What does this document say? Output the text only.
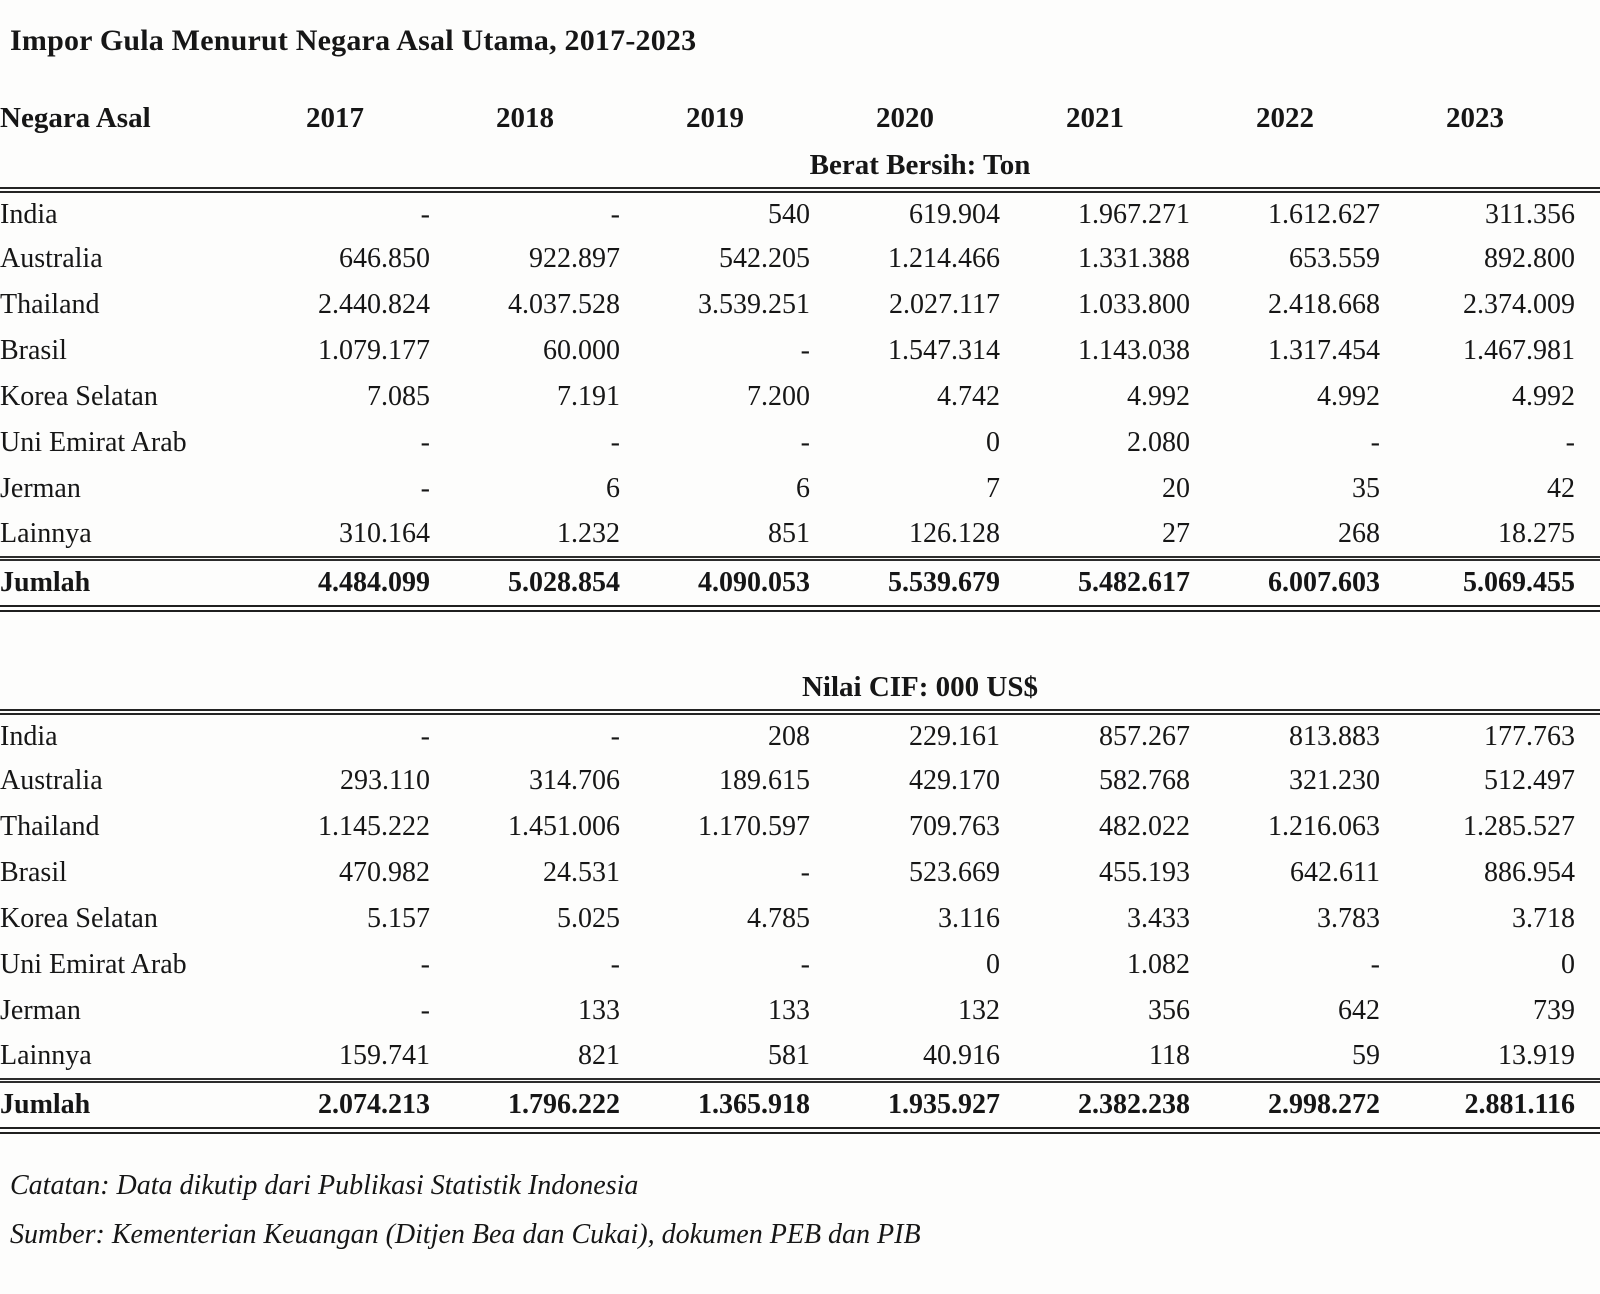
Impor Gula Menurut Negara Asal Utama, 2017-2023
Negara Asal	2017	2018	2019	2020	2021	2022	2023
	Berat Bersih: Ton						
India	-	-	540	619.904	1.967.271	1.612.627	311.356
Australia	646.850	922.897	542.205	1.214.466	1.331.388	653.559	892.800
Thailand	2.440.824	4.037.528	3.539.251	2.027.117	1.033.800	2.418.668	2.374.009
Brasil	1.079.177	60.000	-	1.547.314	1.143.038	1.317.454	1.467.981
Korea Selatan	7.085	7.191	7.200	4.742	4.992	4.992	4.992
Uni Emirat Arab	-	-	-	0	2.080	-	-
Jerman	-	6	6	7	20	35	42
Lainnya	310.164	1.232	851	126.128	27	268	18.275
Jumlah	4.484.099	5.028.854	4.090.053	5.539.679	5.482.617	6.007.603	5.069.455

	Nilai CIF: 000 US$						
India	-	-	208	229.161	857.267	813.883	177.763
Australia	293.110	314.706	189.615	429.170	582.768	321.230	512.497
Thailand	1.145.222	1.451.006	1.170.597	709.763	482.022	1.216.063	1.285.527
Brasil	470.982	24.531	-	523.669	455.193	642.611	886.954
Korea Selatan	5.157	5.025	4.785	3.116	3.433	3.783	3.718
Uni Emirat Arab	-	-	-	0	1.082	-	0
Jerman	-	133	133	132	356	642	739
Lainnya	159.741	821	581	40.916	118	59	13.919
Jumlah	2.074.213	1.796.222	1.365.918	1.935.927	2.382.238	2.998.272	2.881.116

Catatan: Data dikutip dari Publikasi Statistik Indonesia

Sumber: Kementerian Keuangan (Ditjen Bea dan Cukai), dokumen PEB dan PIB
